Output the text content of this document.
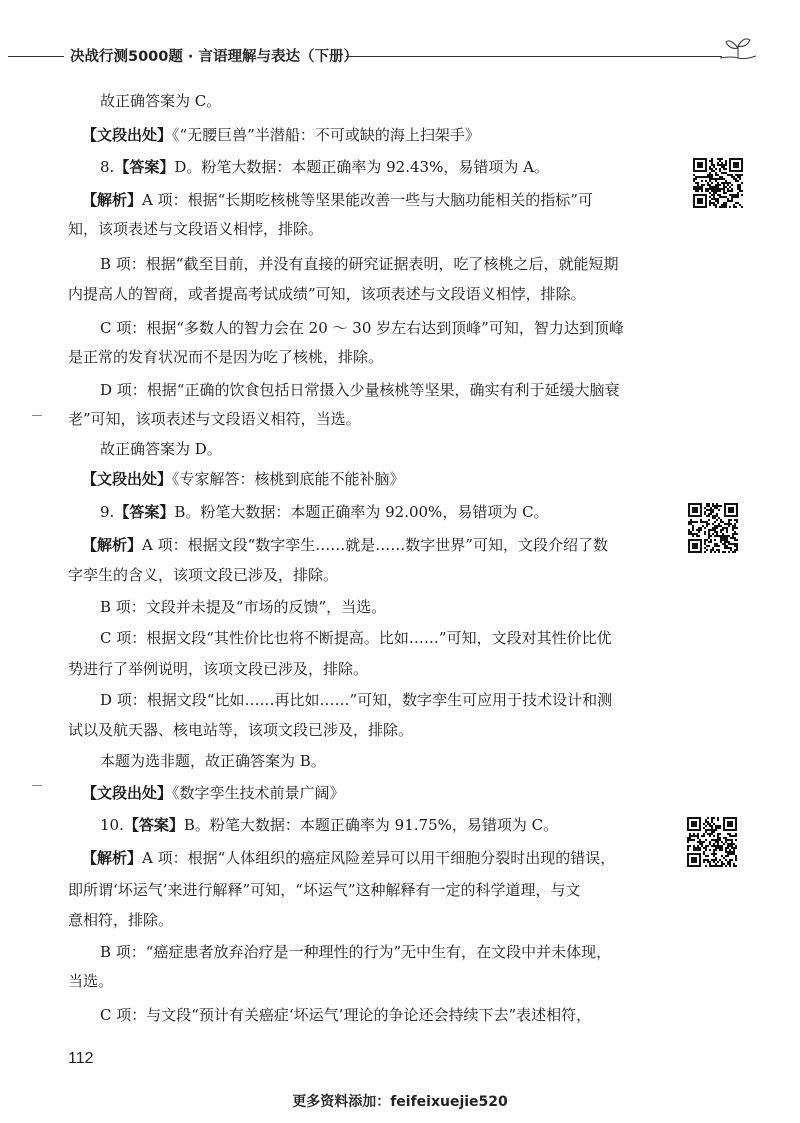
决战行测5000题 · 言语理解与表达（下册）
故正确答案为 C。
【文段出处】《“无腰巨兽”半潜船：不可或缺的海上扫架手》
8.【答案】D。粉笔大数据：本题正确率为 92.43%，易错项为 A。
【解析】A 项：根据“长期吃核桃等坚果能改善一些与大脑功能相关的指标”可
知，该项表述与文段语义相悖，排除。
B 项：根据“截至目前，并没有直接的研究证据表明，吃了核桃之后，就能短期
内提高人的智商，或者提高考试成绩”可知，该项表述与文段语义相悖，排除。
C 项：根据“多数人的智力会在 20 ～ 30 岁左右达到顶峰”可知，智力达到顶峰
是正常的发育状况而不是因为吃了核桃，排除。
D 项：根据“正确的饮食包括日常摄入少量核桃等坚果，确实有利于延缓大脑衰
老”可知，该项表述与文段语义相符，当选。
故正确答案为 D。
【文段出处】《专家解答：核桃到底能不能补脑》
9.【答案】B。粉笔大数据：本题正确率为 92.00%，易错项为 C。
【解析】A 项：根据文段“数字孪生……就是……数字世界”可知，文段介绍了数
字孪生的含义，该项文段已涉及，排除。
B 项：文段并未提及“市场的反馈”，当选。
C 项：根据文段“其性价比也将不断提高。比如……”可知，文段对其性价比优
势进行了举例说明，该项文段已涉及，排除。
D 项：根据文段“比如……再比如……”可知，数字孪生可应用于技术设计和测
试以及航天器、核电站等，该项文段已涉及，排除。
本题为选非题，故正确答案为 B。
【文段出处】《数字孪生技术前景广阔》
10.【答案】B。粉笔大数据：本题正确率为 91.75%，易错项为 C。
【解析】A 项：根据“人体组织的癌症风险差异可以用干细胞分裂时出现的错误，
即所谓‘坏运气’来进行解释”可知，“坏运气”这种解释有一定的科学道理，与文
意相符，排除。
B 项：“癌症患者放弃治疗是一种理性的行为”无中生有，在文段中并未体现，
当选。
C 项：与文段“预计有关癌症‘坏运气’理论的争论还会持续下去”表述相符，
112
更多资料添加：feifeixuejie520
